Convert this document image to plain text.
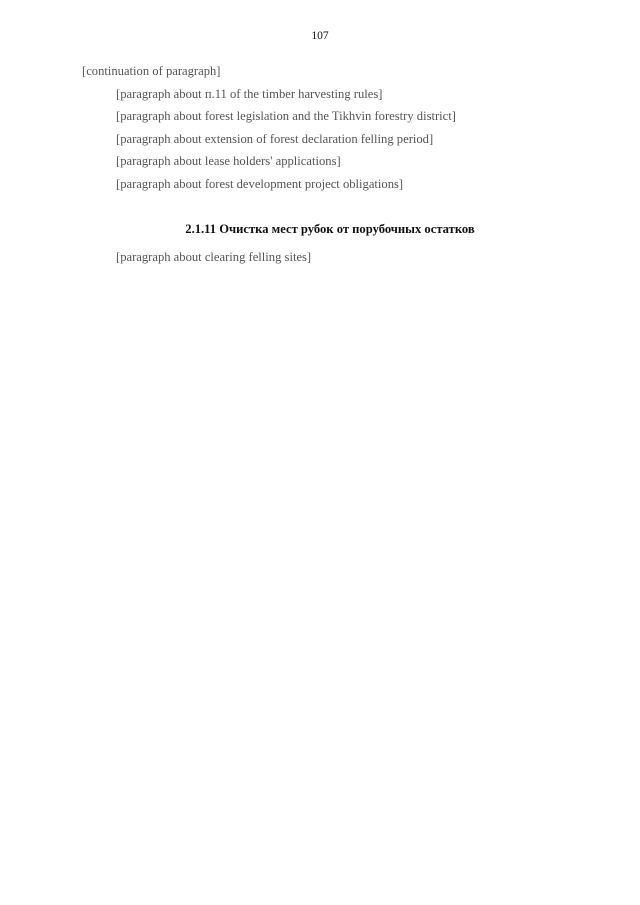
107

[continuation of paragraph]

[paragraph about п.11 of the timber harvesting rules]

[paragraph about forest legislation and the Tikhvin forestry district]

[paragraph about extension of forest declaration felling period]

[paragraph about lease holders' applications]

[paragraph about forest development project obligations]

2.1.11 Очистка мест рубок от порубочных остатков

[paragraph about clearing felling sites]
